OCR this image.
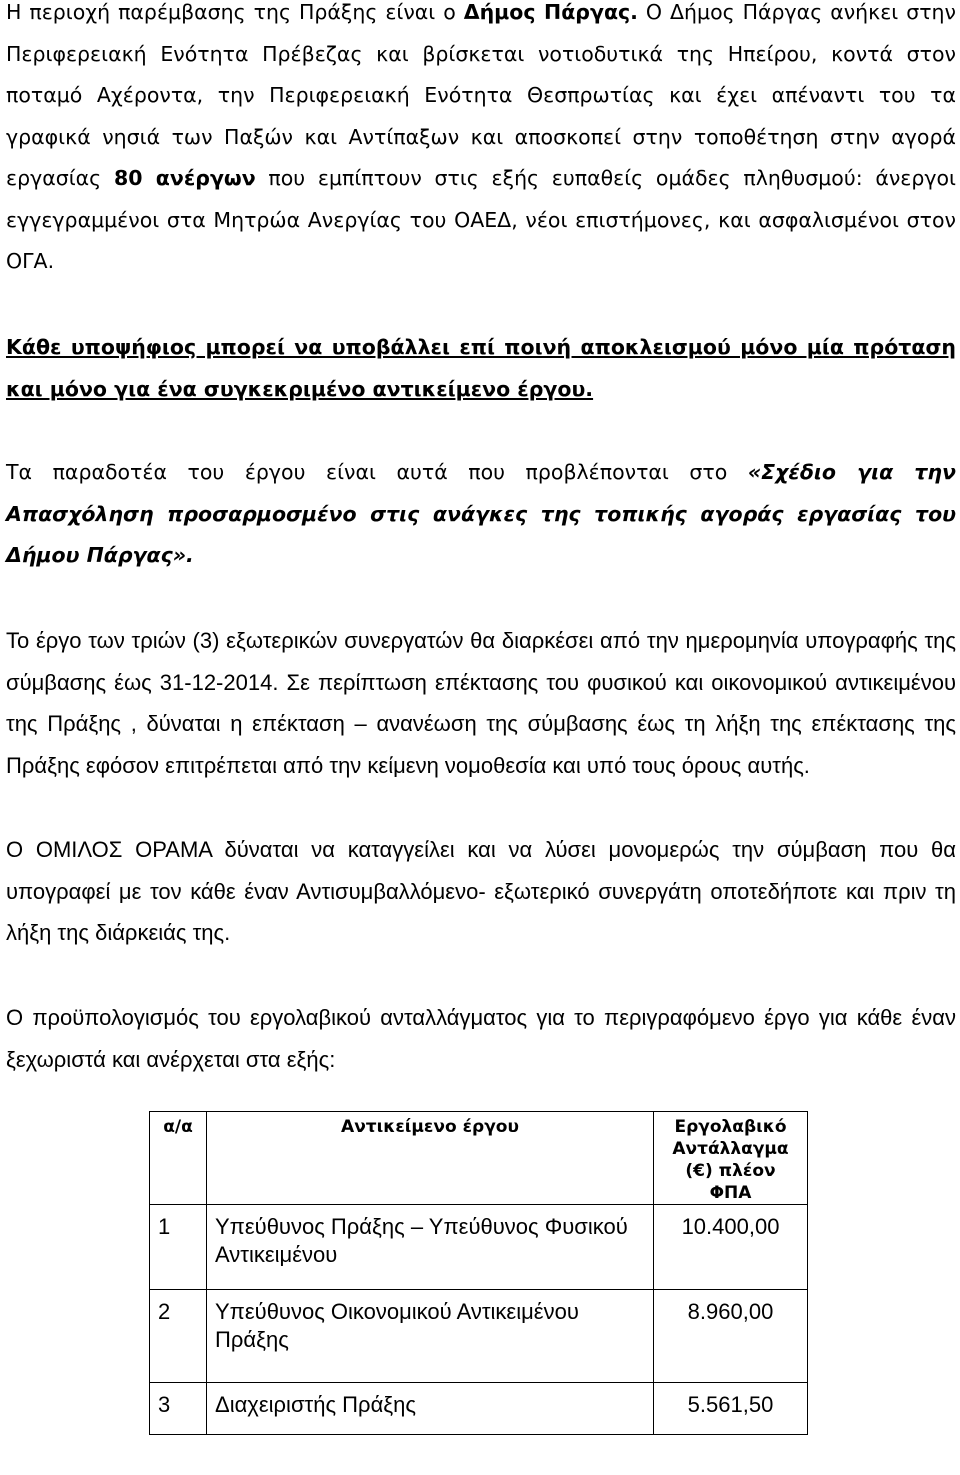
Η περιοχή παρέμβασης της Πράξης είναι ο Δήμος Πάργας. Ο Δήμος Πάργας ανήκει στην Περιφερειακή Ενότητα Πρέβεζας και βρίσκεται νοτιοδυτικά της Ηπείρου, κοντά στον ποταμό Αχέροντα, την Περιφερειακή Ενότητα Θεσπρωτίας και έχει απέναντι του τα γραφικά νησιά των Παξών και Αντίπαξων και αποσκοπεί στην τοποθέτηση στην αγορά εργασίας 80 ανέργων που εμπίπτουν στις εξής ευπαθείς ομάδες πληθυσμού: άνεργοι εγγεγραμμένοι στα Μητρώα Ανεργίας του ΟΑΕΔ, νέοι επιστήμονες, και ασφαλισμένοι στον ΟΓΑ.

Κάθε υποψήφιος μπορεί να υποβάλλει επί ποινή αποκλεισμού μόνο μία πρόταση και μόνο για ένα συγκεκριμένο αντικείμενο έργου.

Τα παραδοτέα του έργου είναι αυτά που προβλέπονται στο «Σχέδιο για την Απασχόληση προσαρμοσμένο στις ανάγκες της τοπικής αγοράς εργασίας του Δήμου Πάργας».

Το έργο των τριών (3) εξωτερικών συνεργατών θα διαρκέσει από την ημερομηνία υπογραφής της σύμβασης έως 31-12-2014. Σε περίπτωση επέκτασης του φυσικού και οικονομικού αντικειμένου της Πράξης , δύναται η επέκταση – ανανέωση της σύμβασης έως τη λήξη της επέκτασης της Πράξης εφόσον επιτρέπεται από την κείμενη νομοθεσία και υπό τους όρους αυτής.

Ο ΟΜΙΛΟΣ ΟΡΑΜΑ δύναται να καταγγείλει και να λύσει μονομερώς την σύμβαση που θα υπογραφεί με τον κάθε έναν Αντισυμβαλλόμενο- εξωτερικό συνεργάτη οποτεδήποτε και πριν τη λήξη της διάρκειάς της.

Ο προϋπολογισμός του εργολαβικού ανταλλάγματος για το περιγραφόμενο έργο για κάθε έναν ξεχωριστά και ανέρχεται στα εξής:

α/α	Αντικείμενο έργου	Εργολαβικό Αντάλλαγμα (€) πλέον ΦΠΑ
1	Υπεύθυνος Πράξης – Υπεύθυνος Φυσικού Αντικειμένου	10.400,00
2	Υπεύθυνος Οικονομικού Αντικειμένου Πράξης	8.960,00
3	Διαχειριστής Πράξης	5.561,50
